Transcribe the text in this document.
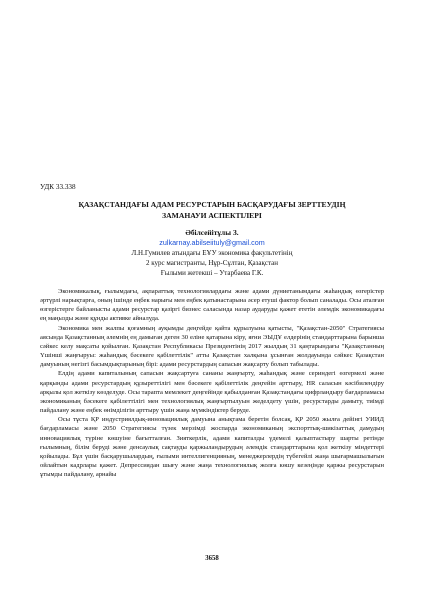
УДК 33.338
ҚАЗАҚСТАНДАҒЫ АДАМ РЕСУРСТАРЫН БАСҚАРУДАҒЫ ЗЕРТТЕУДІҢ
ЗАМАНАУИ АСПЕКТІЛЕРІ
Әбілсейітұлы З.
zulkarnay.abilseiituly@gmail.com
Л.Н.Гумилев атындағы ЕҰУ экономика факультетінің
2 курс магистранты, Нұр-Сұлтан, Қазақстан
Ғылыми жетекші – Утарбаева Г.К.

Экономикалық, ғылымдағы, ақпараттық технологиялардағы және адами дүниетанымдағы жаһандық өзгерістер әртүрлі нарықтарға, оның ішінде еңбек нарығы мен еңбек қатынастарына әсер етуші фактор болып саналады. Осы аталған өзгерістерге байланысты адами ресурстар қазіргі бизнес саласында назар аударуды қажет ететін әлемдік экономикадағы ең маңызды және құнды активке айналуда.

Экономика мен жалпы қоғамның ауқымды деңгейде қайта құрылуына қатысты, "Қазақстан-2050" Стратегиясы аясында Қазақстанның әлемнің ең дамыған деген 30 еліне қатарына кіру, яғни ЭЫДҰ елдерінің стандарттарына барынша сәйкес келу мақсаты қойылған. Қазақстан Республикасы Президентінің 2017 жылдың 31 қаңтарындағы "Қазақстанның Үшінші жаңғыруы: жаһандық бәсекеге қабілеттілік" атты Қазақстан халқына ұсынған жолдауында сәйкес Қазақстан дамуының негізгі басымдықтарының бірі: адами ресурстардың сапасын жақсарту болып табылады.

Елдің адами капиталының сапасын жақсартуға сананы жаңғырту, жаһандық және сериндегі өзгермелі және қарқынды адами ресурстардың құзыреттілігі мен бәсекеге қабілеттілік деңгейін арттыру, HR саласын кәсібилендіру арқылы қол жеткізу көзделуде. Осы тарапта мемлекет деңгейінде қабылданған Қазақстандағы цифрландыру бағдарламасы экономиканың бәсекеге қабілеттілігі мен технологиялық жаңғыртылуын жеделдету үшін, ресурстарды дамыту, тиімді пайдалану және еңбек өнімділігін арттыру үшін жаңа мүмкіндіктер беруде.

Осы тұста ҚР индустриялдық-инновациялық дамуына анықтама беретін болсақ, ҚР 2050 жылға дейінгі УИИД бағдарламасы және 2050 Стратегиясы түзек мерзімді жоспарда экономиканың экспорттық-шикізаттық дамудың инновациялық түріне көшуіне бағытталған. Зияткерлік, адами капиталды үдемелі қалыптастыру шарты ретінде ғылымның, білім беруді және денсаулық сақтауды қаржыландырудың әлемдік стандарттарына қол жеткізу міндеттері қойылады. Бұл үшін басқарушылардың, ғылыми интеллигенцияның, менеджерлердің түбегейлі жаңа шығармашылығын ойлайтын кадрлары қажет. Депрессиядан шығу және жаңа технологиялық жолға көшу кезеңінде қаржы ресурстарын ұтымды пайдалану, арнайы

3658
